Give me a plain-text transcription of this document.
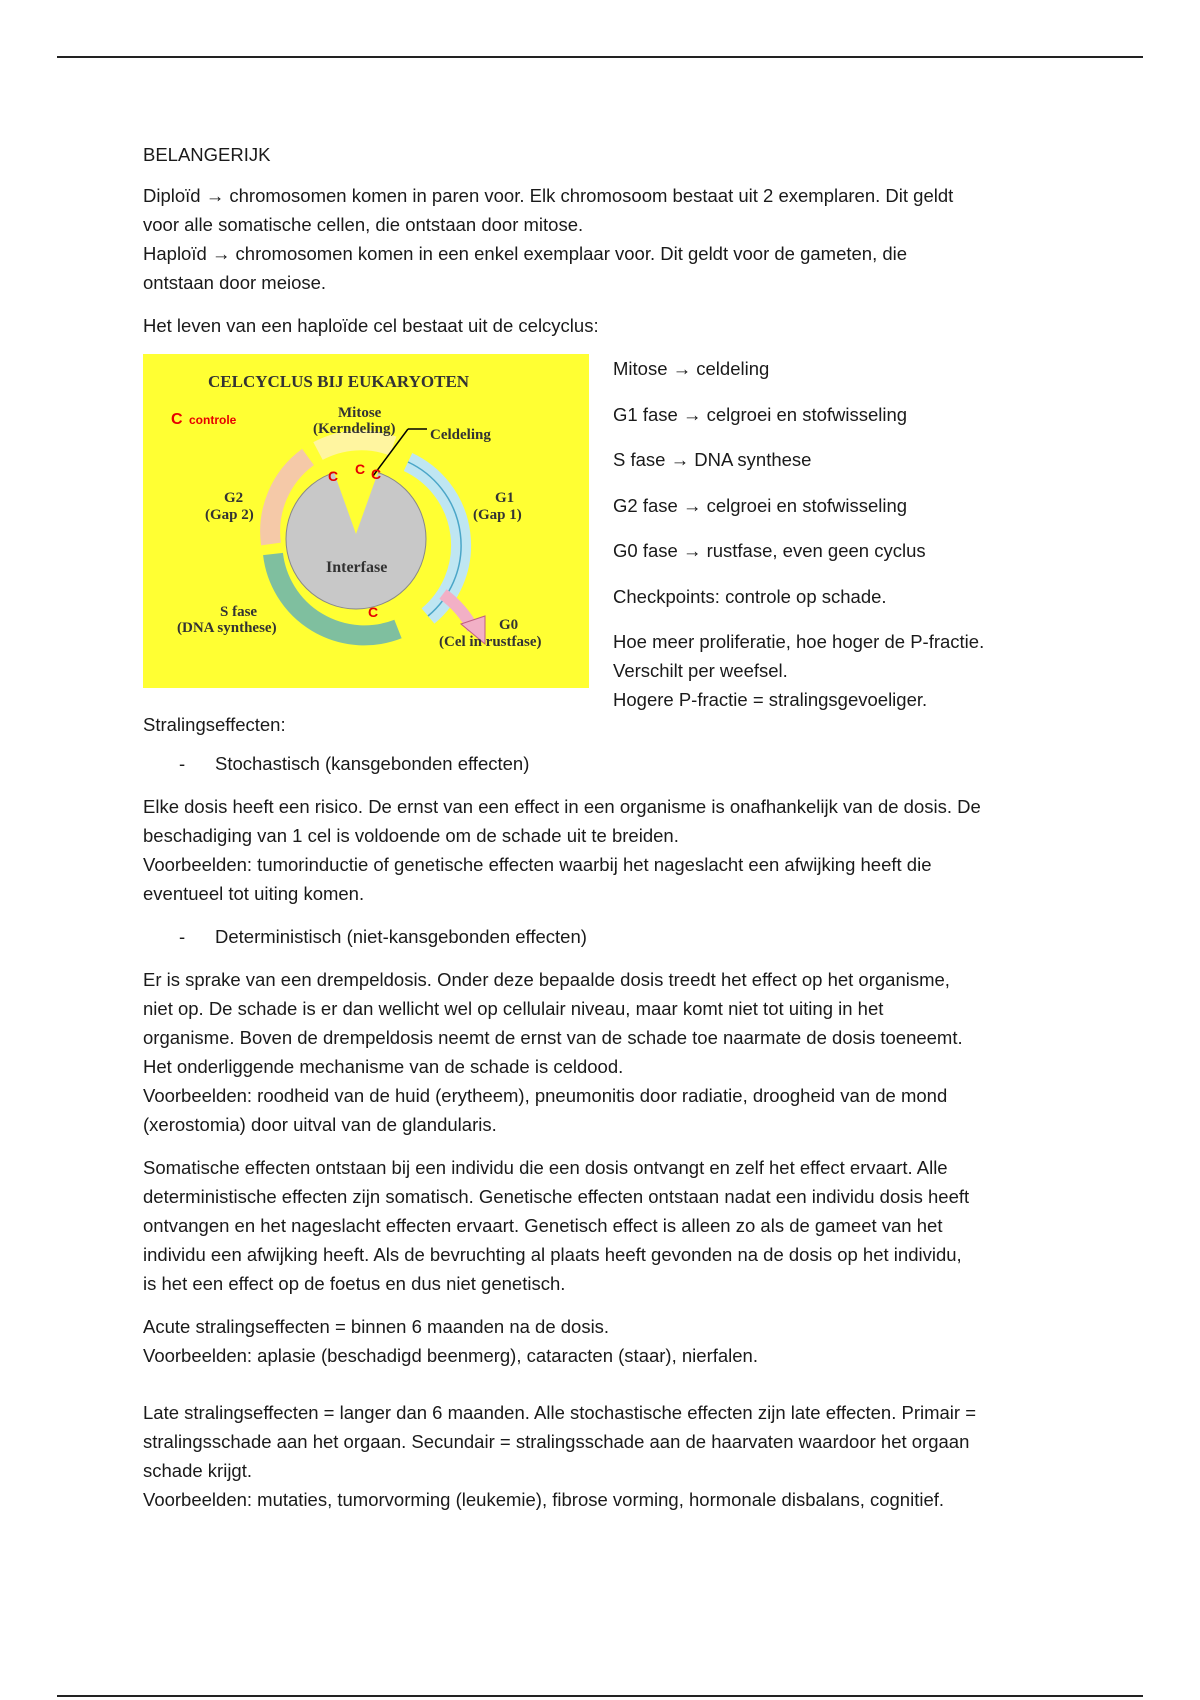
BELANGERIJK

Diploïd → chromosomen komen in paren voor. Elk chromosoom bestaat uit 2 exemplaren. Dit geldt
voor alle somatische cellen, die ontstaan door mitose.
Haploïd → chromosomen komen in een enkel exemplaar voor. Dit geldt voor de gameten, die
ontstaan door meiose.

Het leven van een haploïde cel bestaat uit de celcyclus:

CELCYCLUS BIJ EUKARYOTEN
C controle	Mitose
(Kerndeling) Celdeling
G2
(Gap 2)
G1
(Gap 1)
Interfase
S fase
(DNA synthese)	G0
(Cel in rustfase)
C C C
C
Mitose → celdeling
G1 fase → celgroei en stofwisseling
S fase → DNA synthese
G2 fase → celgroei en stofwisseling
G0 fase → rustfase, even geen cyclus
Checkpoints: controle op schade.
Hoe meer proliferatie, hoe hoger de P-fractie.
Verschilt per weefsel.
Hogere P-fractie = stralingsgevoeliger.
Stralingseffecten:
-	Stochastisch (kansgebonden effecten)

Elke dosis heeft een risico. De ernst van een effect in een organisme is onafhankelijk van de dosis. De
beschadiging van 1 cel is voldoende om de schade uit te breiden.
Voorbeelden: tumorinductie of genetische effecten waarbij het nageslacht een afwijking heeft die
eventueel tot uiting komen.

-	Deterministisch (niet-kansgebonden effecten)

Er is sprake van een drempeldosis. Onder deze bepaalde dosis treedt het effect op het organisme,
niet op. De schade is er dan wellicht wel op cellulair niveau, maar komt niet tot uiting in het
organisme. Boven de drempeldosis neemt de ernst van de schade toe naarmate de dosis toeneemt.
Het onderliggende mechanisme van de schade is celdood.
Voorbeelden: roodheid van de huid (erytheem), pneumonitis door radiatie, droogheid van de mond
(xerostomia) door uitval van de glandularis.

Somatische effecten ontstaan bij een individu die een dosis ontvangt en zelf het effect ervaart. Alle
deterministische effecten zijn somatisch. Genetische effecten ontstaan nadat een individu dosis heeft
ontvangen en het nageslacht effecten ervaart. Genetisch effect is alleen zo als de gameet van het
individu een afwijking heeft. Als de bevruchting al plaats heeft gevonden na de dosis op het individu,
is het een effect op de foetus en dus niet genetisch.

Acute stralingseffecten = binnen 6 maanden na de dosis.
Voorbeelden: aplasie (beschadigd beenmerg), cataracten (staar), nierfalen.

Late stralingseffecten = langer dan 6 maanden. Alle stochastische effecten zijn late effecten. Primair =
stralingsschade aan het orgaan. Secundair = stralingsschade aan de haarvaten waardoor het orgaan
schade krijgt.
Voorbeelden: mutaties, tumorvorming (leukemie), fibrose vorming, hormonale disbalans, cognitief.
